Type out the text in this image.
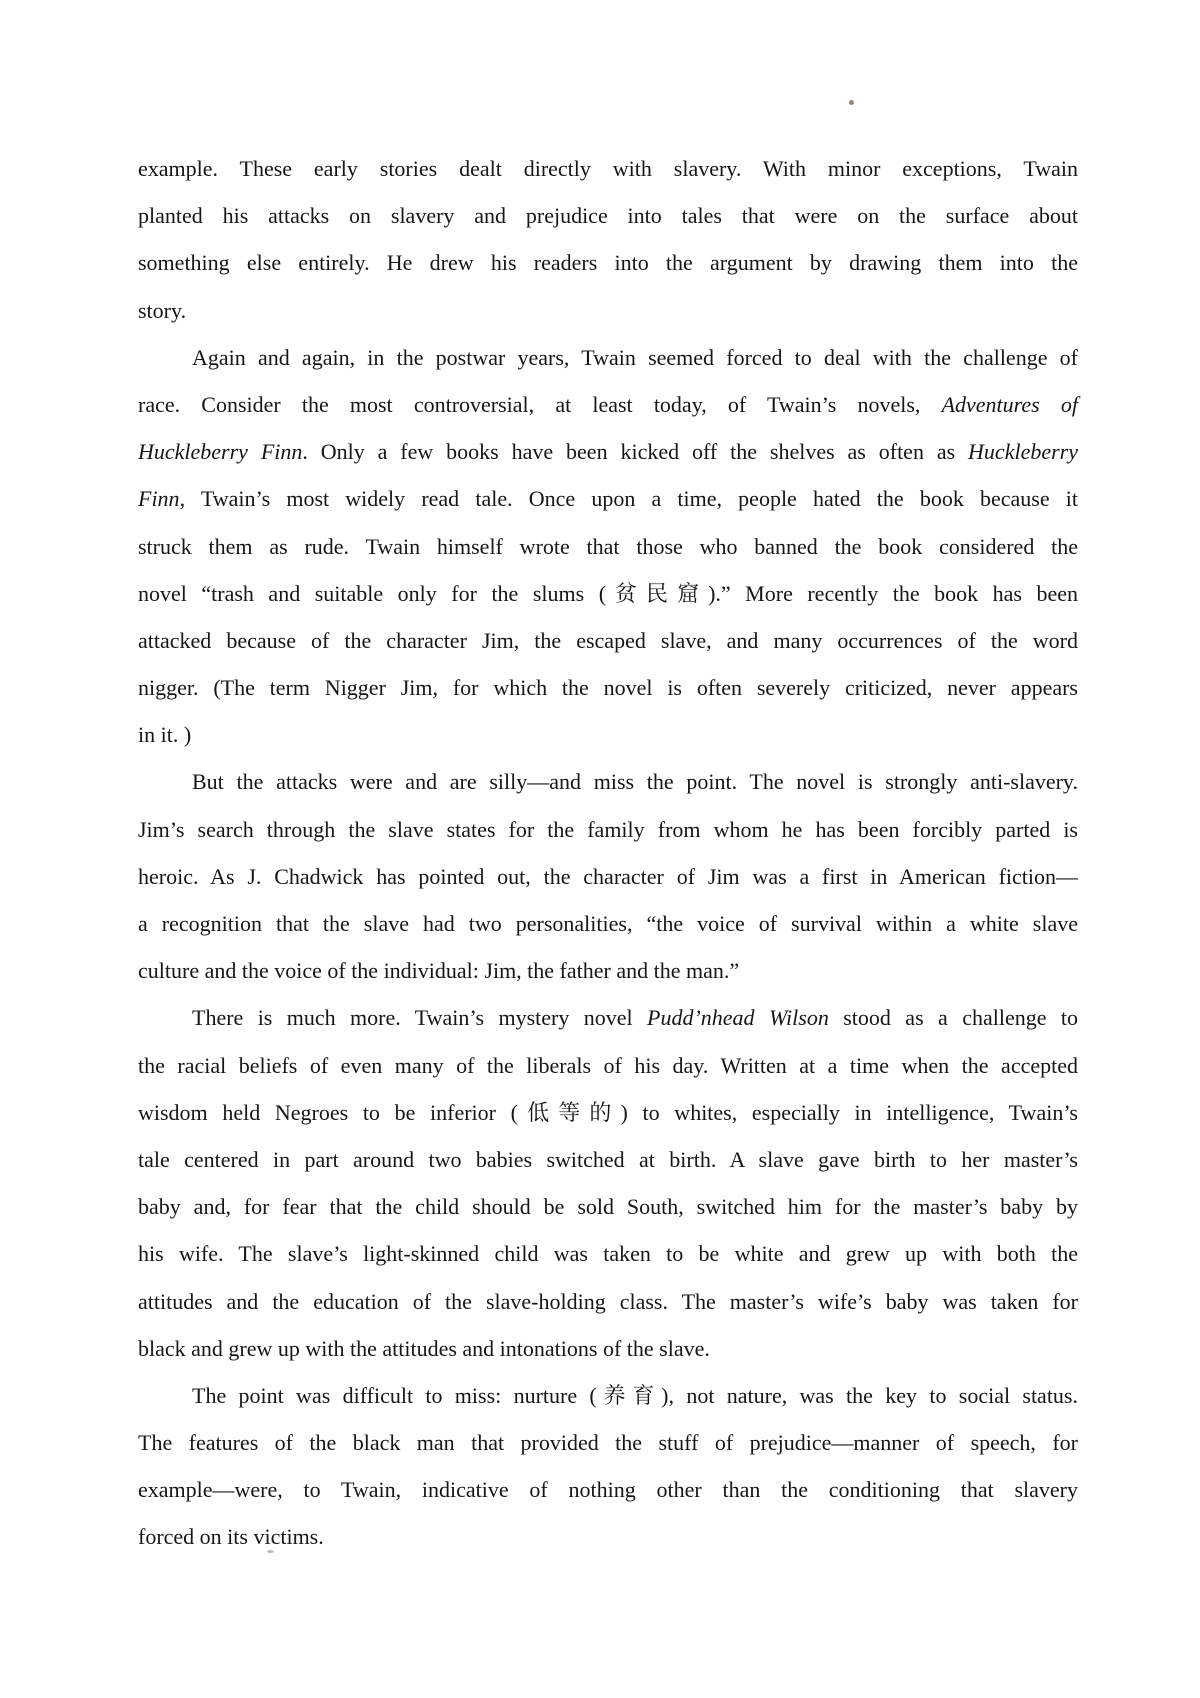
example. These early stories dealt directly with slavery. With minor exceptions, Twain
planted his attacks on slavery and prejudice into tales that were on the surface about
something else entirely. He drew his readers into the argument by drawing them into the
story.
Again and again, in the postwar years, Twain seemed forced to deal with the challenge of
race. Consider the most controversial, at least today, of Twain’s novels, Adventures of
Huckleberry Finn. Only a few books have been kicked off the shelves as often as Huckleberry
Finn, Twain’s most widely read tale. Once upon a time, people hated the book because it
struck them as rude. Twain himself wrote that those who banned the book considered the
novel “trash and suitable only for the slums (贫民窟).” More recently the book has been
attacked because of the character Jim, the escaped slave, and many occurrences of the word
nigger. (The term Nigger Jim, for which the novel is often severely criticized, never appears
in it. )
But the attacks were and are silly—and miss the point. The novel is strongly anti-slavery.
Jim’s search through the slave states for the family from whom he has been forcibly parted is
heroic. As J. Chadwick has pointed out, the character of Jim was a first in American fiction—
a recognition that the slave had two personalities, “the voice of survival within a white slave
culture and the voice of the individual: Jim, the father and the man.”
There is much more. Twain’s mystery novel Pudd’nhead Wilson stood as a challenge to
the racial beliefs of even many of the liberals of his day. Written at a time when the accepted
wisdom held Negroes to be inferior (低等的) to whites, especially in intelligence, Twain’s
tale centered in part around two babies switched at birth. A slave gave birth to her master’s
baby and, for fear that the child should be sold South, switched him for the master’s baby by
his wife. The slave’s light-skinned child was taken to be white and grew up with both the
attitudes and the education of the slave-holding class. The master’s wife’s baby was taken for
black and grew up with the attitudes and intonations of the slave.
The point was difficult to miss: nurture (养育), not nature, was the key to social status.
The features of the black man that provided the stuff of prejudice—manner of speech, for
example—were, to Twain, indicative of nothing other than the conditioning that slavery
forced on its victims.
